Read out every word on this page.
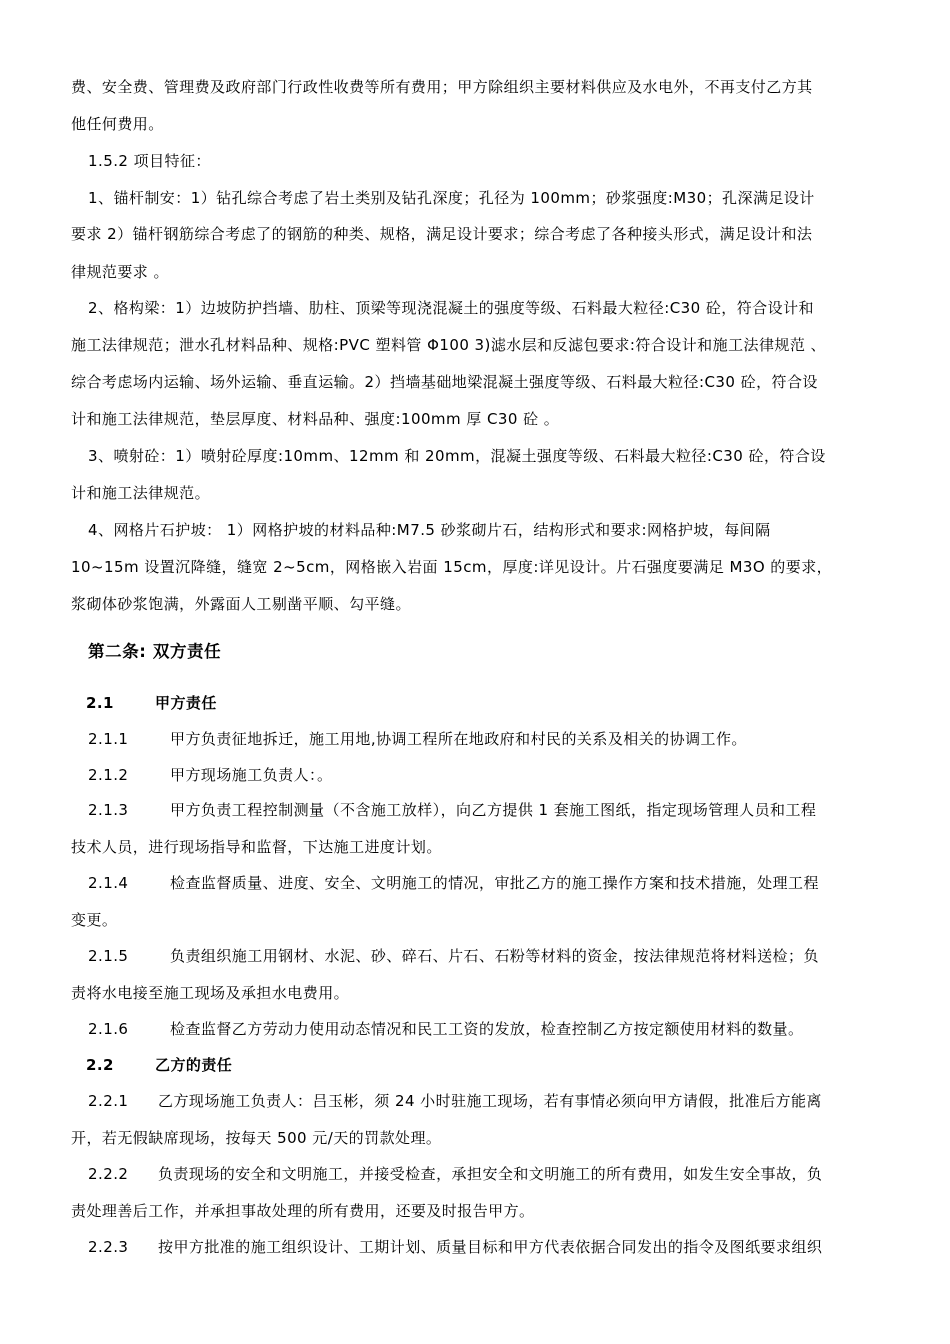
费、安全费、管理费及政府部门行政性收费等所有费用；甲方除组织主要材料供应及水电外，不再支付乙方其
他任何费用。
1.5.2 项目特征：
1、锚杆制安：1）钻孔综合考虑了岩土类别及钻孔深度；孔径为 100mm；砂浆强度:M30；孔深满足设计
要求 2）锚杆钢筋综合考虑了的钢筋的种类、规格，满足设计要求；综合考虑了各种接头形式，满足设计和法
律规范要求 。
2、格构梁：1）边坡防护挡墙、肋柱、顶梁等现浇混凝土的强度等级、石料最大粒径:C30 砼，符合设计和
施工法律规范；泄水孔材料品种、规格:PVC 塑料管 Φ100 3)滤水层和反滤包要求:符合设计和施工法律规范 、
综合考虑场内运输、场外运输、垂直运输。2）挡墙基础地梁混凝土强度等级、石料最大粒径:C30 砼，符合设
计和施工法律规范，垫层厚度、材料品种、强度:100mm 厚 C30 砼 。
3、喷射砼：1）喷射砼厚度:10mm、12mm 和 20mm，混凝土强度等级、石料最大粒径:C30 砼，符合设
计和施工法律规范。
4、网格片石护坡： 1）网格护坡的材料品种:M7.5 砂浆砌片石，结构形式和要求:网格护坡，每间隔
10~15m 设置沉降缝，缝宽 2~5cm，网格嵌入岩面 15cm，厚度:详见设计。片石强度要满足 M3O 的要求，
浆砌体砂浆饱满，外露面人工剔凿平顺、勾平缝。
第二条: 双方责任
2.1	甲方责任
2.1.1	甲方负责征地拆迁，施工用地,协调工程所在地政府和村民的关系及相关的协调工作。
2.1.2	甲方现场施工负责人：。
2.1.3	甲方负责工程控制测量（不含施工放样），向乙方提供 1 套施工图纸，指定现场管理人员和工程
技术人员，进行现场指导和监督，下达施工进度计划。
2.1.4	检查监督质量、进度、安全、文明施工的情况，审批乙方的施工操作方案和技术措施，处理工程
变更。
2.1.5	负责组织施工用钢材、水泥、砂、碎石、片石、石粉等材料的资金，按法律规范将材料送检；负
责将水电接至施工现场及承担水电费用。
2.1.6	检查监督乙方劳动力使用动态情况和民工工资的发放，检查控制乙方按定额使用材料的数量。
2.2	乙方的责任
2.2.1 乙方现场施工负责人：吕玉彬，须 24 小时驻施工现场，若有事情必须向甲方请假，批准后方能离
开，若无假缺席现场，按每天 500 元/天的罚款处理。
2.2.2 负责现场的安全和文明施工，并接受检查，承担安全和文明施工的所有费用，如发生安全事故，负
责处理善后工作，并承担事故处理的所有费用，还要及时报告甲方。
2.2.3 按甲方批准的施工组织设计、工期计划、质量目标和甲方代表依据合同发出的指令及图纸要求组织
